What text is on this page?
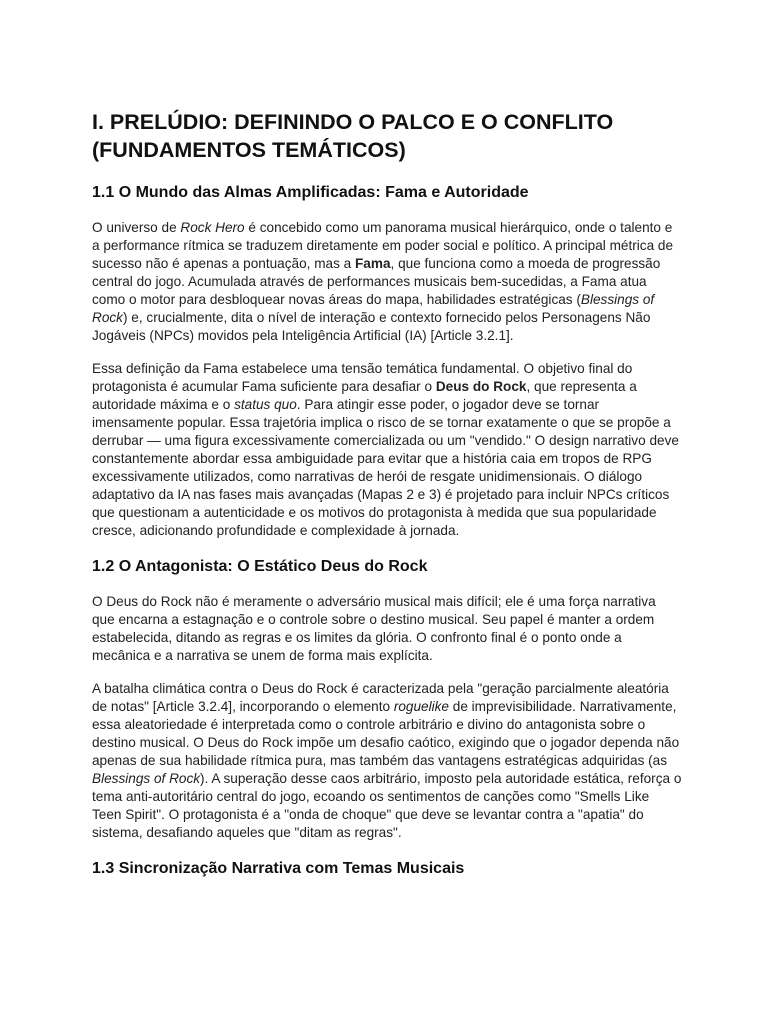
I. PRELÚDIO: DEFININDO O PALCO E O CONFLITO
(FUNDAMENTOS TEMÁTICOS)
1.1 O Mundo das Almas Amplificadas: Fama e Autoridade

O universo de Rock Hero é concebido como um panorama musical hierárquico, onde o talento e a performance rítmica se traduzem diretamente em poder social e político. A principal métrica de sucesso não é apenas a pontuação, mas a Fama, que funciona como a moeda de progressão central do jogo. Acumulada através de performances musicais bem-sucedidas, a Fama atua como o motor para desbloquear novas áreas do mapa, habilidades estratégicas (Blessings of Rock) e, crucialmente, dita o nível de interação e contexto fornecido pelos Personagens Não Jogáveis (NPCs) movidos pela Inteligência Artificial (IA) [Article 3.2.1].

Essa definição da Fama estabelece uma tensão temática fundamental. O objetivo final do protagonista é acumular Fama suficiente para desafiar o Deus do Rock, que representa a autoridade máxima e o status quo. Para atingir esse poder, o jogador deve se tornar imensamente popular. Essa trajetória implica o risco de se tornar exatamente o que se propõe a derrubar — uma figura excessivamente comercializada ou um "vendido." O design narrativo deve constantemente abordar essa ambiguidade para evitar que a história caia em tropos de RPG excessivamente utilizados, como narrativas de herói de resgate unidimensionais. O diálogo adaptativo da IA nas fases mais avançadas (Mapas 2 e 3) é projetado para incluir NPCs críticos que questionam a autenticidade e os motivos do protagonista à medida que sua popularidade cresce, adicionando profundidade e complexidade à jornada.

1.2 O Antagonista: O Estático Deus do Rock

O Deus do Rock não é meramente o adversário musical mais difícil; ele é uma força narrativa que encarna a estagnação e o controle sobre o destino musical. Seu papel é manter a ordem estabelecida, ditando as regras e os limites da glória. O confronto final é o ponto onde a mecânica e a narrativa se unem de forma mais explícita.

A batalha climática contra o Deus do Rock é caracterizada pela "geração parcialmente aleatória de notas" [Article 3.2.4], incorporando o elemento roguelike de imprevisibilidade. Narrativamente, essa aleatoriedade é interpretada como o controle arbitrário e divino do antagonista sobre o destino musical. O Deus do Rock impõe um desafio caótico, exigindo que o jogador dependa não apenas de sua habilidade rítmica pura, mas também das vantagens estratégicas adquiridas (as Blessings of Rock). A superação desse caos arbitrário, imposto pela autoridade estática, reforça o tema anti-autoritário central do jogo, ecoando os sentimentos de canções como "Smells Like Teen Spirit". O protagonista é a "onda de choque" que deve se levantar contra a "apatia" do sistema, desafiando aqueles que "ditam as regras".

1.3 Sincronização Narrativa com Temas Musicais
